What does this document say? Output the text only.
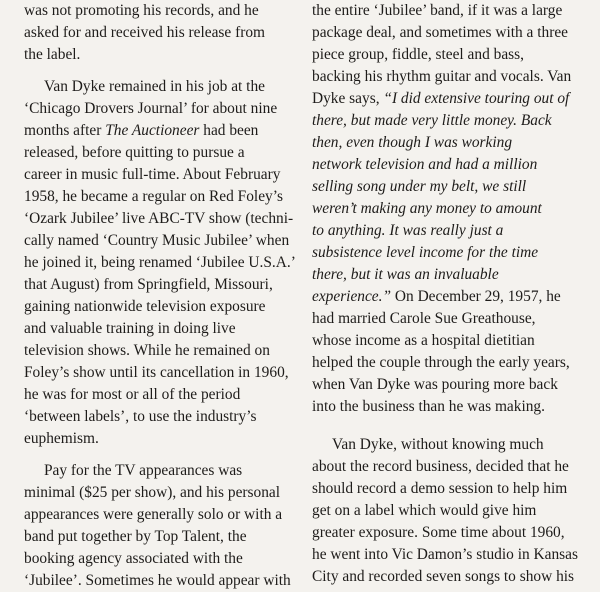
was not promoting his records, and he
asked for and received his release from
the label.
Van Dyke remained in his job at the
‘Chicago Drovers Journal’ for about nine
months after The Auctioneer had been
released, before quitting to pursue a
career in music full-time. About February
1958, he became a regular on Red Foley’s
‘Ozark Jubilee’ live ABC-TV show (techni-
cally named ‘Country Music Jubilee’ when
he joined it, being renamed ‘Jubilee U.S.A.’
that August) from Springfield, Missouri,
gaining nationwide television exposure
and valuable training in doing live
television shows. While he remained on
Foley’s show until its cancellation in 1960,
he was for most or all of the period
‘between labels’, to use the industry’s
euphemism.
Pay for the TV appearances was
minimal ($25 per show), and his personal
appearances were generally solo or with a
band put together by Top Talent, the
booking agency associated with the
‘Jubilee’. Sometimes he would appear with
the entire ‘Jubilee’ band, if it was a large
package deal, and sometimes with a three
piece group, fiddle, steel and bass,
backing his rhythm guitar and vocals. Van
Dyke says, “I did extensive touring out of
there, but made very little money. Back
then, even though I was working
network television and had a million
selling song under my belt, we still
weren’t making any money to amount
to anything. It was really just a
subsistence level income for the time
there, but it was an invaluable
experience.” On December 29, 1957, he
had married Carole Sue Greathouse,
whose income as a hospital dietitian
helped the couple through the early years,
when Van Dyke was pouring more back
into the business than he was making.
Van Dyke, without knowing much
about the record business, decided that he
should record a demo session to help him
get on a label which would give him
greater exposure. Some time about 1960,
he went into Vic Damon’s studio in Kansas
City and recorded seven songs to show his
